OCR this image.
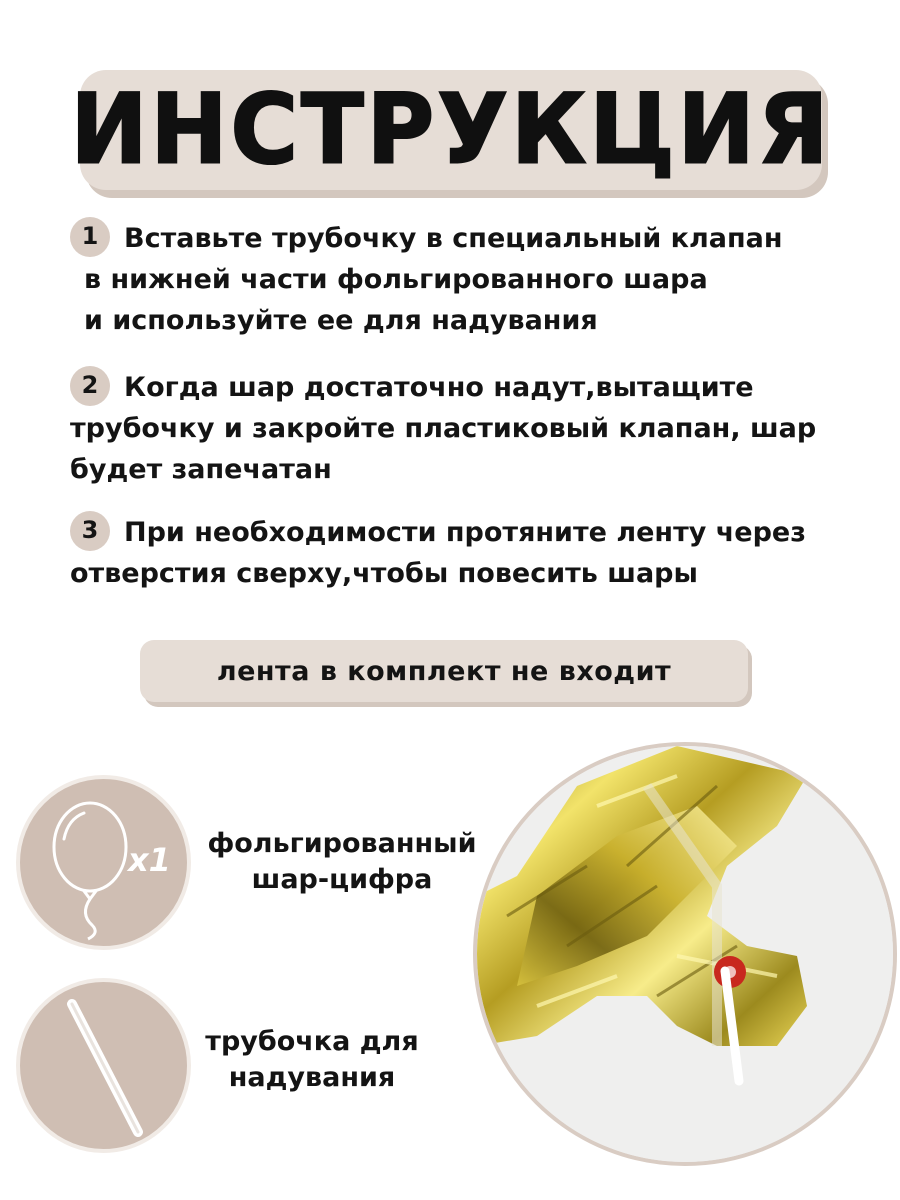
ИНСТРУКЦИЯ
1 Вставьте трубочку в специальный клапан
в нижней части фольгированного шара
и используйте ее для надувания
2 Когда шар достаточно надут,вытащите
трубочку и закройте пластиковый клапан, шар
будет запечатан
3 При необходимости протяните ленту через
отверстия сверху,чтобы повесить шары
лента в комплект не входит
x1	фольгированный
шар-цифра
трубочка для
надувания
